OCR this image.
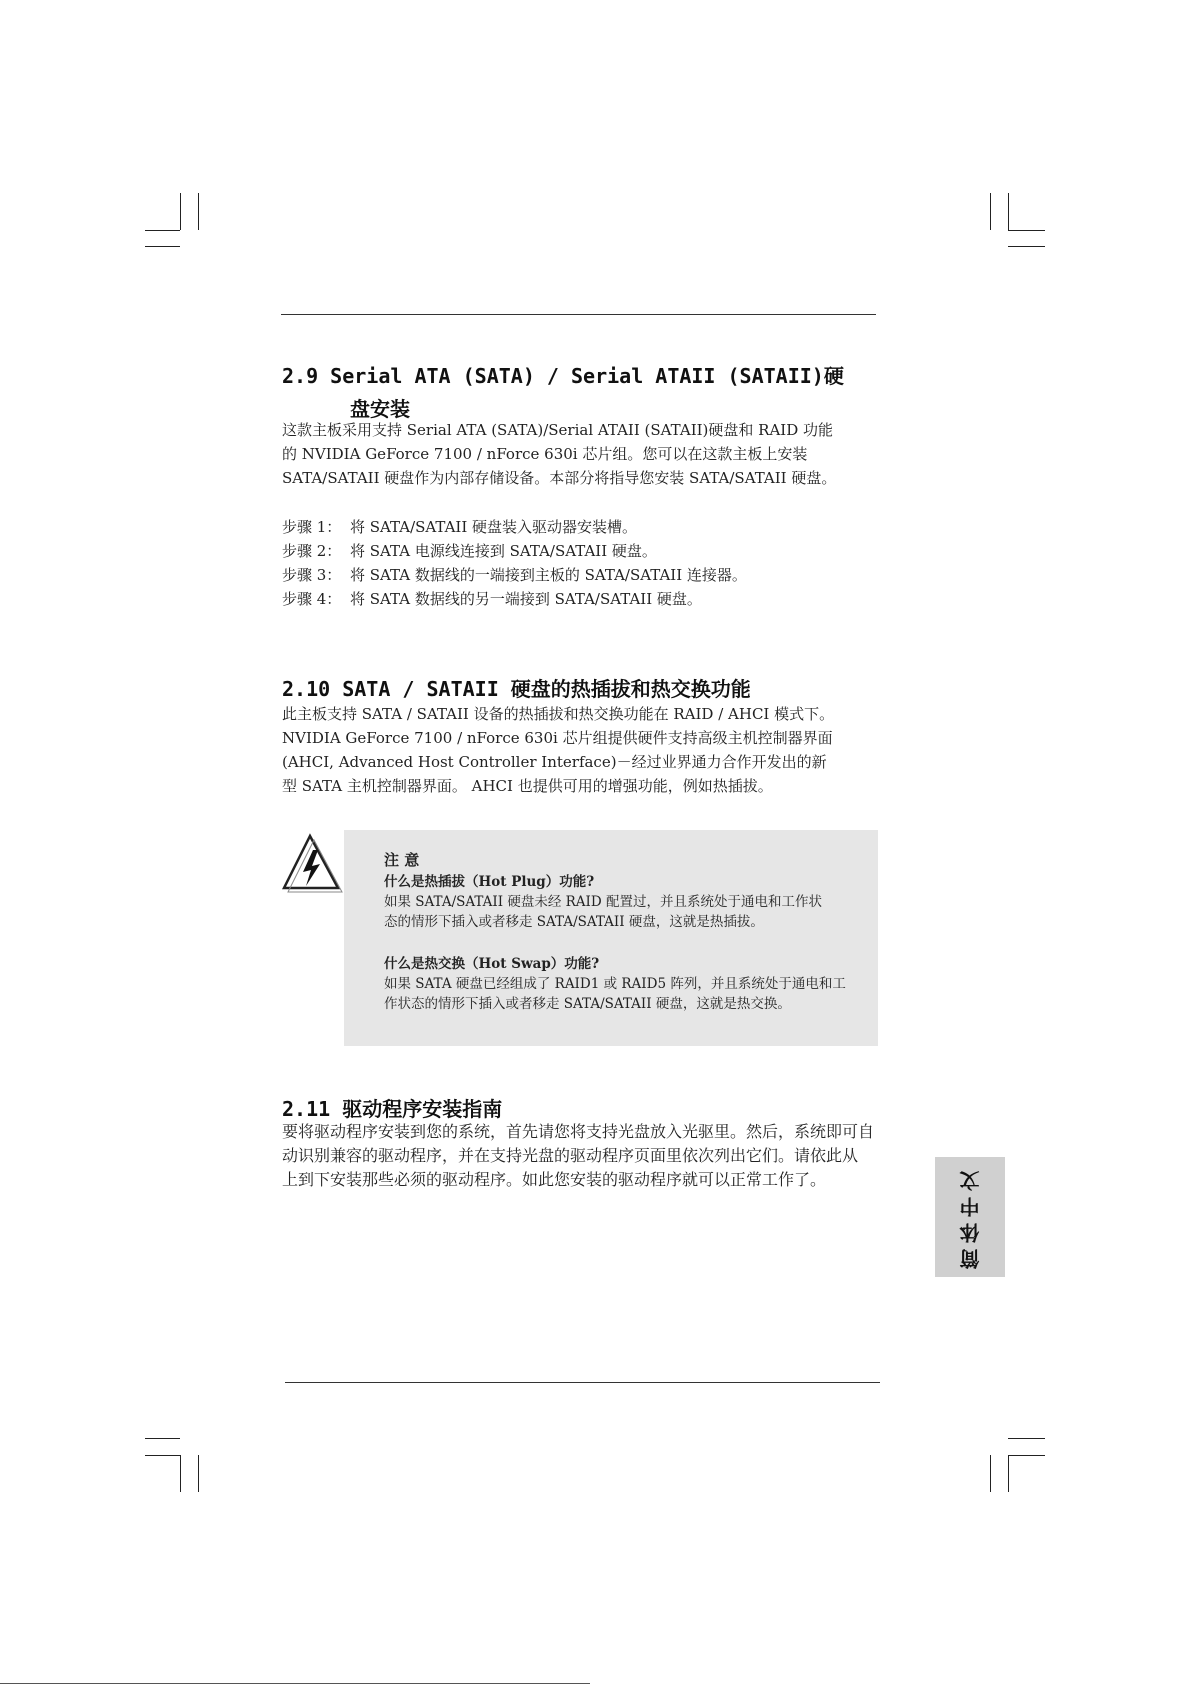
2.9 Serial ATA (SATA) / Serial ATAII (SATAII)硬
盘安装
这款主板采用支持 Serial ATA (SATA)/Serial ATAII (SATAII)硬盘和 RAID 功能
的 NVIDIA GeForce 7100 / nForce 630i 芯片组。您可以在这款主板上安装
SATA/SATAII 硬盘作为内部存储设备。本部分将指导您安装 SATA/SATAII 硬盘。
步骤 1： 将 SATA/SATAII 硬盘装入驱动器安装槽。
步骤 2： 将 SATA 电源线连接到 SATA/SATAII 硬盘。
步骤 3： 将 SATA 数据线的一端接到主板的 SATA/SATAII 连接器。
步骤 4： 将 SATA 数据线的另一端接到 SATA/SATAII 硬盘。
2.10 SATA / SATAII 硬盘的热插拔和热交换功能
此主板支持 SATA / SATAII 设备的热插拔和热交换功能在 RAID / AHCI 模式下。
NVIDIA GeForce 7100 / nForce 630i 芯片组提供硬件支持高级主机控制器界面
(AHCI, Advanced Host Controller Interface)－经过业界通力合作开发出的新
型 SATA 主机控制器界面。 AHCI 也提供可用的增强功能，例如热插拔。
注 意
什么是热插拔（Hot Plug）功能?
如果 SATA/SATAII 硬盘未经 RAID 配置过，并且系统处于通电和工作状
态的情形下插入或者移走 SATA/SATAII 硬盘，这就是热插拔。
什么是热交换（Hot Swap）功能?
如果 SATA 硬盘已经组成了 RAID1 或 RAID5 阵列，并且系统处于通电和工
作状态的情形下插入或者移走 SATA/SATAII 硬盘，这就是热交换。
2.11 驱动程序安装指南
要将驱动程序安装到您的系统，首先请您将支持光盘放入光驱里。然后，系统即可自
动识别兼容的驱动程序，并在支持光盘的驱动程序页面里依次列出它们。请依此从
上到下安装那些必须的驱动程序。如此您安装的驱动程序就可以正常工作了。	简体中文
